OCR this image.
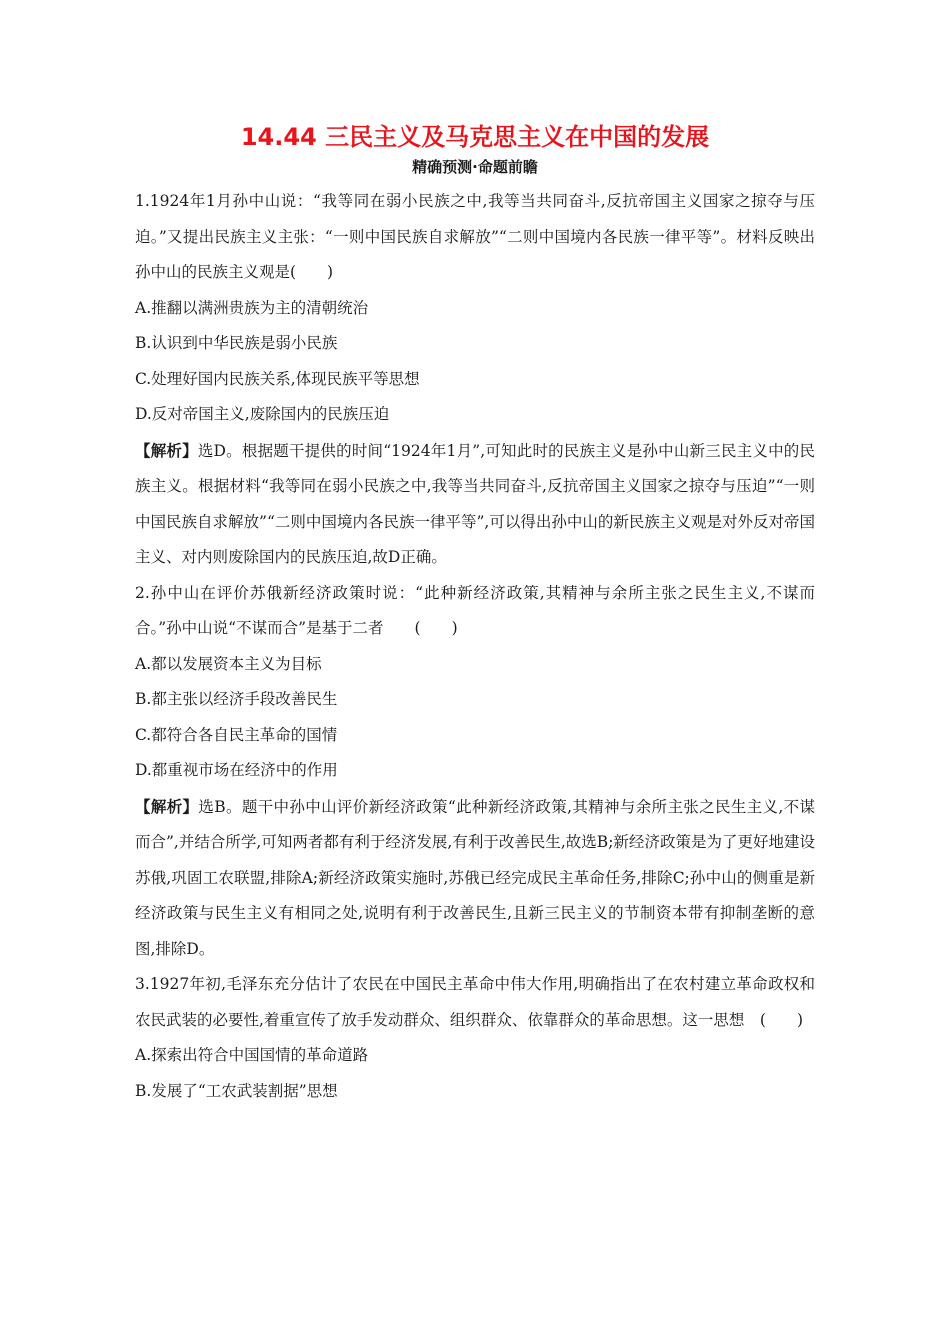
14.44 三民主义及马克思主义在中国的发展
精确预测·命题前瞻

1.1924年1月孙中山说：“我等同在弱小民族之中,我等当共同奋斗,反抗帝国主义国家之掠夺与压迫。”又提出民族主义主张：“一则中国民族自求解放”“二则中国境内各民族一律平等”。材料反映出孙中山的民族主义观是(　　)

A.推翻以满洲贵族为主的清朝统治

B.认识到中华民族是弱小民族

C.处理好国内民族关系,体现民族平等思想

D.反对帝国主义,废除国内的民族压迫

【解析】选D。根据题干提供的时间“1924年1月”,可知此时的民族主义是孙中山新三民主义中的民族主义。根据材料“我等同在弱小民族之中,我等当共同奋斗,反抗帝国主义国家之掠夺与压迫”“一则中国民族自求解放”“二则中国境内各民族一律平等”,可以得出孙中山的新民族主义观是对外反对帝国主义、对内则废除国内的民族压迫,故D正确。

2.孙中山在评价苏俄新经济政策时说：“此种新经济政策,其精神与余所主张之民生主义,不谋而合。”孙中山说“不谋而合”是基于二者　　(　　)

A.都以发展资本主义为目标

B.都主张以经济手段改善民生

C.都符合各自民主革命的国情

D.都重视市场在经济中的作用

【解析】选B。题干中孙中山评价新经济政策“此种新经济政策,其精神与余所主张之民生主义,不谋而合”,并结合所学,可知两者都有利于经济发展,有利于改善民生,故选B;新经济政策是为了更好地建设苏俄,巩固工农联盟,排除A;新经济政策实施时,苏俄已经完成民主革命任务,排除C;孙中山的侧重是新经济政策与民生主义有相同之处,说明有利于改善民生,且新三民主义的节制资本带有抑制垄断的意图,排除D。

3.1927年初,毛泽东充分估计了农民在中国民主革命中伟大作用,明确指出了在农村建立革命政权和农民武装的必要性,着重宣传了放手发动群众、组织群众、依靠群众的革命思想。这一思想　(　　)

A.探索出符合中国国情的革命道路

B.发展了“工农武装割据”思想
